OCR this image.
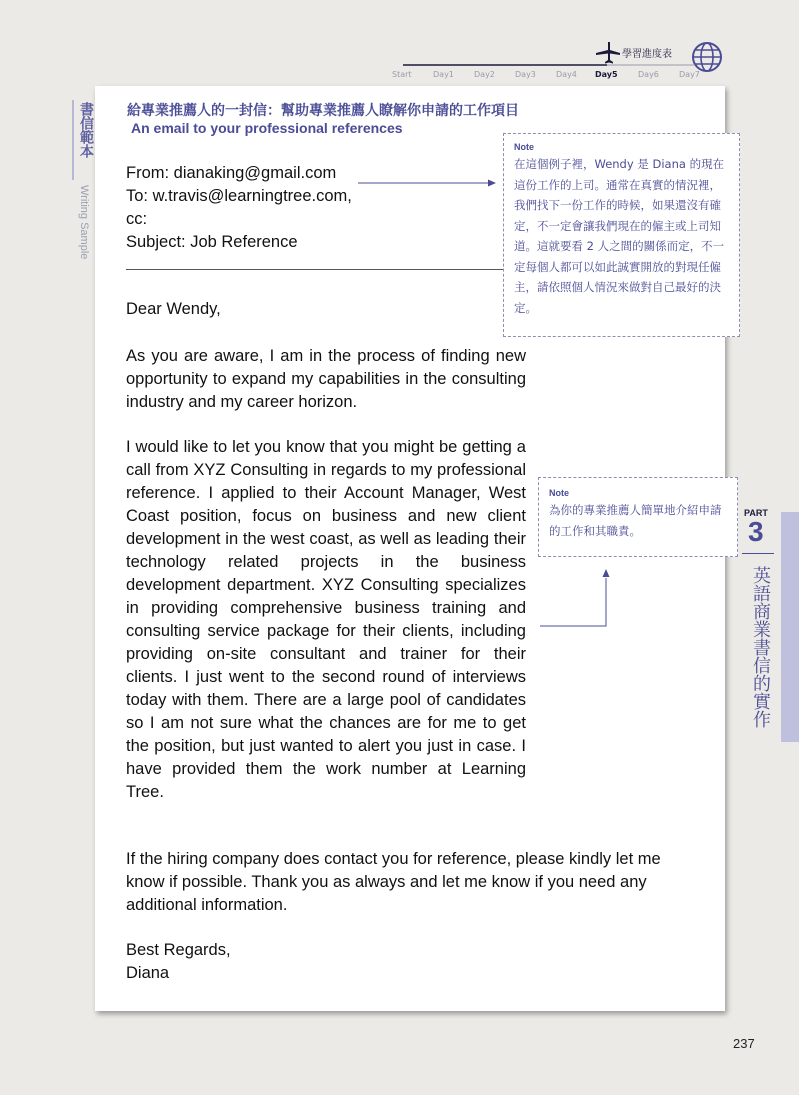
學習進度表
Start	Day1	Day2	Day3	Day4 Day5	Day6	Day7
書信範本
Writing Sample
給專業推薦人的一封信：幫助專業推薦人瞭解你申請的工作項目
An email to your professional references

From: dianaking@gmail.com

To: w.travis@learningtree.com,

cc:

Subject: Job Reference

Dear Wendy,
As you are aware, I am in the process of finding new opportunity to expand my capabilities in the consulting industry and my career horizon.
I would like to let you know that you might be getting a call from XYZ Consulting in regards to my professional reference. I applied to their Account Manager, West Coast position, focus on business and new client development in the west coast, as well as leading their technology related projects in the business development department. XYZ Consulting specializes in providing comprehensive business training and consulting service package for their clients, including providing on-site consultant and trainer for their clients. I just went to the second round of interviews today with them. There are a large pool of candidates so I am not sure what the chances are for me to get the position, but just wanted to alert you just in case. I have provided them the work number at Learning Tree.
If the hiring company does contact you for reference, please kindly let me know if possible. Thank you as always and let me know if you need any additional information.

Best Regards,

Diana

Note
在這個例子裡，Wendy 是 Diana 的現在這份工作的上司。通常在真實的情況裡，我們找下一份工作的時候，如果還沒有確定，不一定會讓我們現在的僱主或上司知道。這就要看 2 人之間的關係而定，不一定每個人都可以如此誠實開放的對現任僱主，請依照個人情況來做對自己最好的決定。
Note
為你的專業推薦人簡單地介紹申請的工作和其職責。
PART
3
英語商業書信的實作
237
